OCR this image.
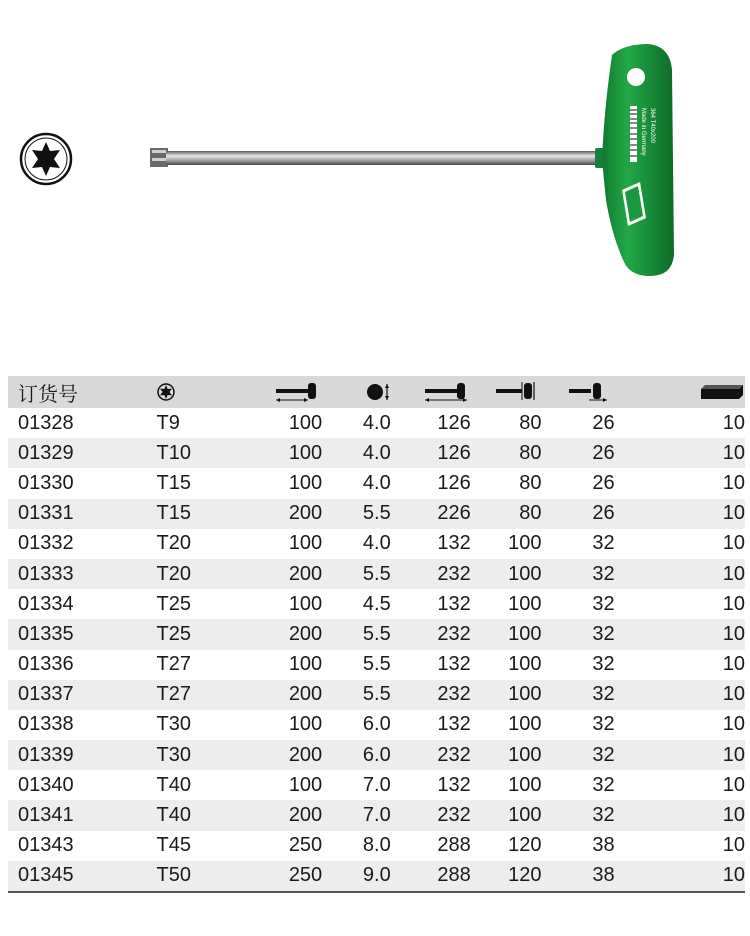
Made in Germany 364 T40x200
订货号							
01328	T9	100	4.0	126	80	26	10
01329	T10	100	4.0	126	80	26	10
01330	T15	100	4.0	126	80	26	10
01331	T15	200	5.5	226	80	26	10
01332	T20	100	4.0	132	100	32	10
01333	T20	200	5.5	232	100	32	10
01334	T25	100	4.5	132	100	32	10
01335	T25	200	5.5	232	100	32	10
01336	T27	100	5.5	132	100	32	10
01337	T27	200	5.5	232	100	32	10
01338	T30	100	6.0	132	100	32	10
01339	T30	200	6.0	232	100	32	10
01340	T40	100	7.0	132	100	32	10
01341	T40	200	7.0	232	100	32	10
01343	T45	250	8.0	288	120	38	10
01345	T50	250	9.0	288	120	38	10
